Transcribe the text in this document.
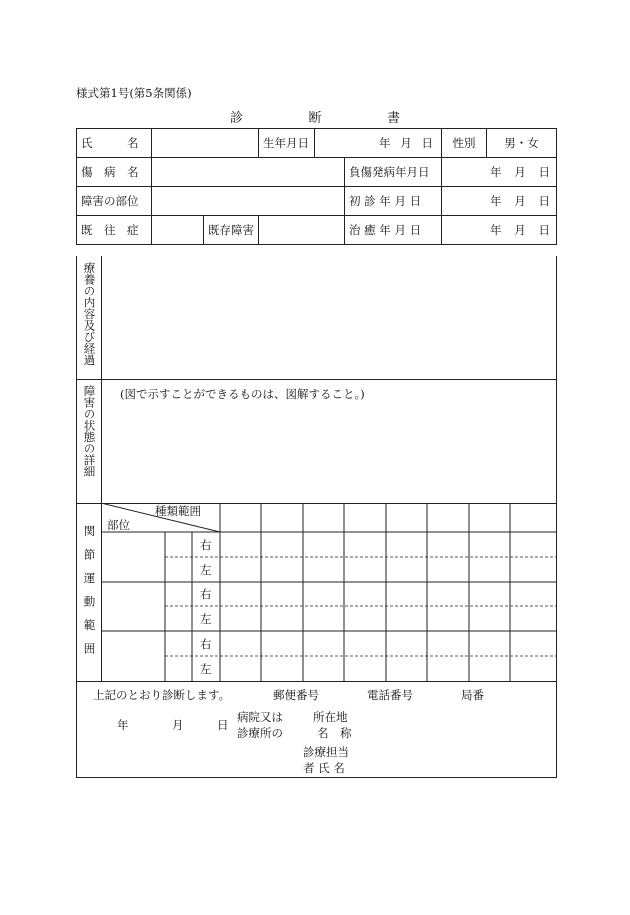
様式第1号(第5条関係)
診	断	書
氏　　　名			生年月日	年 月 日		性別	男・女
傷　病　名					負傷発病年月日	年 月 日	

障害の部位					初 診 年 月 日	年 月 日	

既　往　症		既存障害			治 癒 年 月 日	年 月 日	
療養の内容及び経過
障害の状態の詳細 (図で示すことができるものは、図解すること。)
関節運動範囲
種類範囲
部位
右
左
右
左
右
左
上記のとおり診断します。	郵便番号	電話番号	局番
年	月	日
病院又は
診療所の
所在地
名　称
診療担当
者 氏 名
